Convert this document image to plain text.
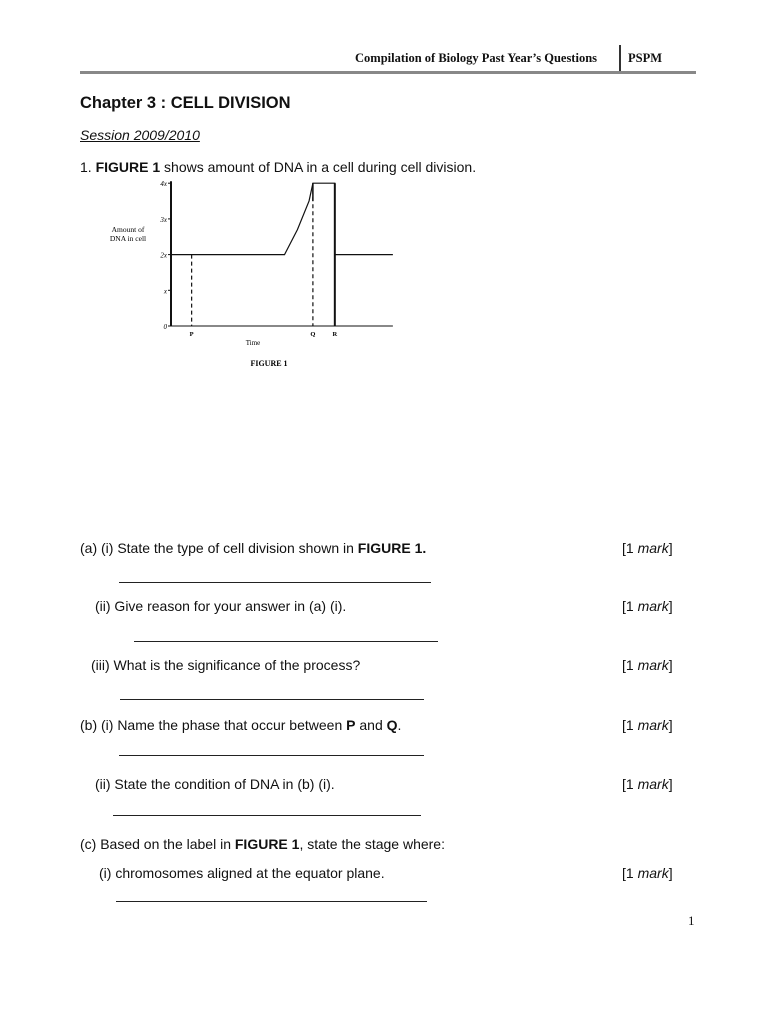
Compilation of Biology Past Year’s Questions PSPM
Chapter 3 : CELL DIVISION
Session 2009/2010
1. FIGURE 1 shows amount of DNA in a cell during cell division.
0
x
2x
3x
4x
Amount of
DNA in cell
P	Q	R
Time
FIGURE 1
(a) (i) State the type of cell division shown in FIGURE 1.	[1 mark]
(ii) Give reason for your answer in (a) (i).	[1 mark]
(iii) What is the significance of the process?	[1 mark]
(b) (i) Name the phase that occur between P and Q.	[1 mark]
(ii) State the condition of DNA in (b) (i).	[1 mark]
(c) Based on the label in FIGURE 1, state the stage where:
(i) chromosomes aligned at the equator plane.	[1 mark]
1
